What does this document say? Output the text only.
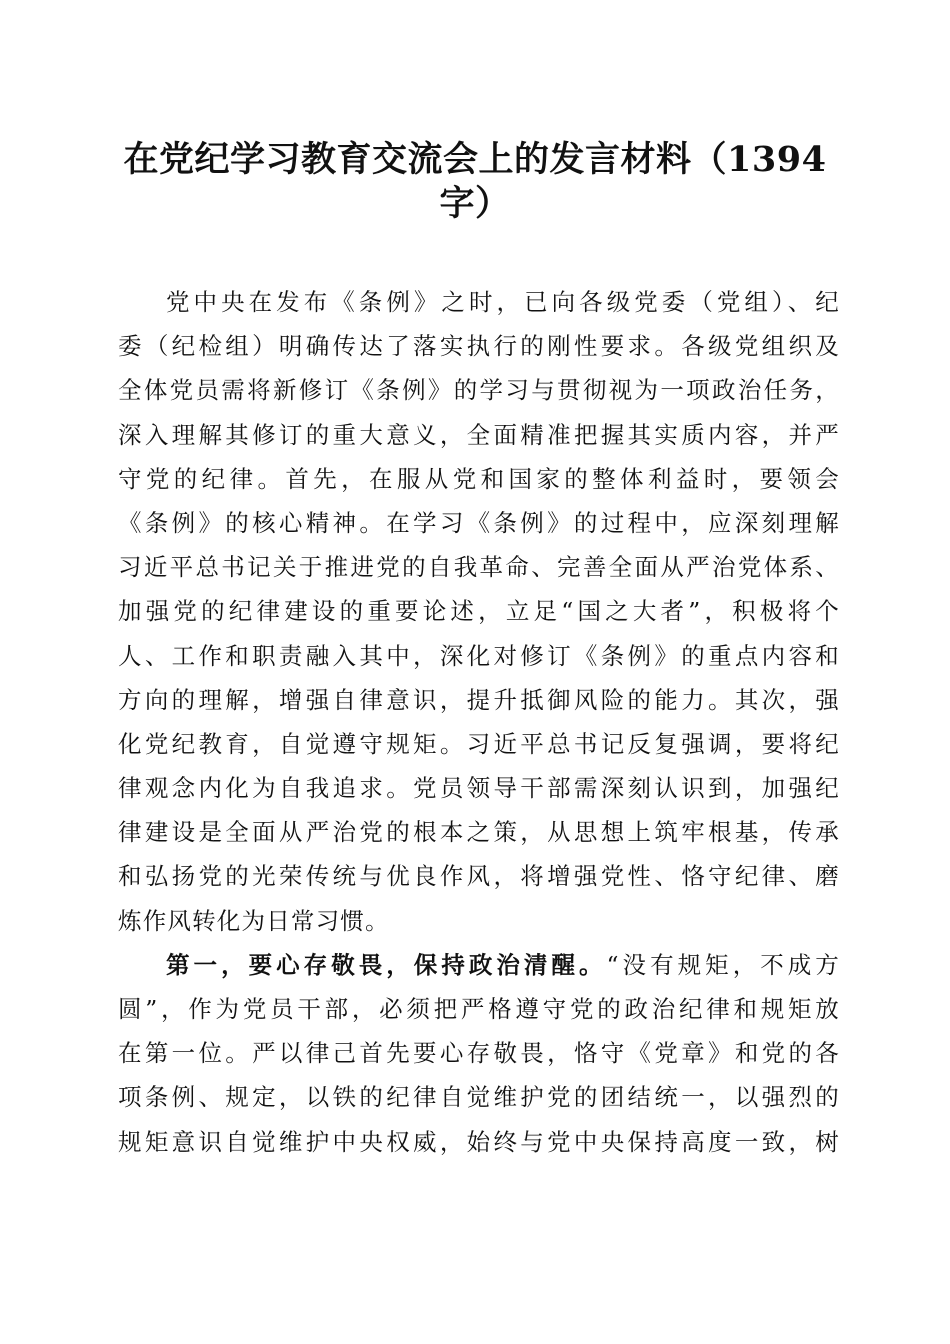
在党纪学习教育交流会上的发言材料（1394
字）
党中央在发布《条例》之时，已向各级党委（党组）、纪
委（纪检组）明确传达了落实执行的刚性要求。各级党组织及
全体党员需将新修订《条例》的学习与贯彻视为一项政治任务，
深入理解其修订的重大意义，全面精准把握其实质内容，并严
守党的纪律。首先，在服从党和国家的整体利益时，要领会
《条例》的核心精神。在学习《条例》的过程中，应深刻理解
习近平总书记关于推进党的自我革命、完善全面从严治党体系、
加强党的纪律建设的重要论述，立足“国之大者”，积极将个
人、工作和职责融入其中，深化对修订《条例》的重点内容和
方向的理解，增强自律意识，提升抵御风险的能力。其次，强
化党纪教育，自觉遵守规矩。习近平总书记反复强调，要将纪
律观念内化为自我追求。党员领导干部需深刻认识到，加强纪
律建设是全面从严治党的根本之策，从思想上筑牢根基，传承
和弘扬党的光荣传统与优良作风，将增强党性、恪守纪律、磨
炼作风转化为日常习惯。
第一，要心存敬畏，保持政治清醒。“没有规矩，不成方
圆”，作为党员干部，必须把严格遵守党的政治纪律和规矩放
在第一位。严以律己首先要心存敬畏，恪守《党章》和党的各
项条例、规定，以铁的纪律自觉维护党的团结统一，以强烈的
规矩意识自觉维护中央权威，始终与党中央保持高度一致，树
